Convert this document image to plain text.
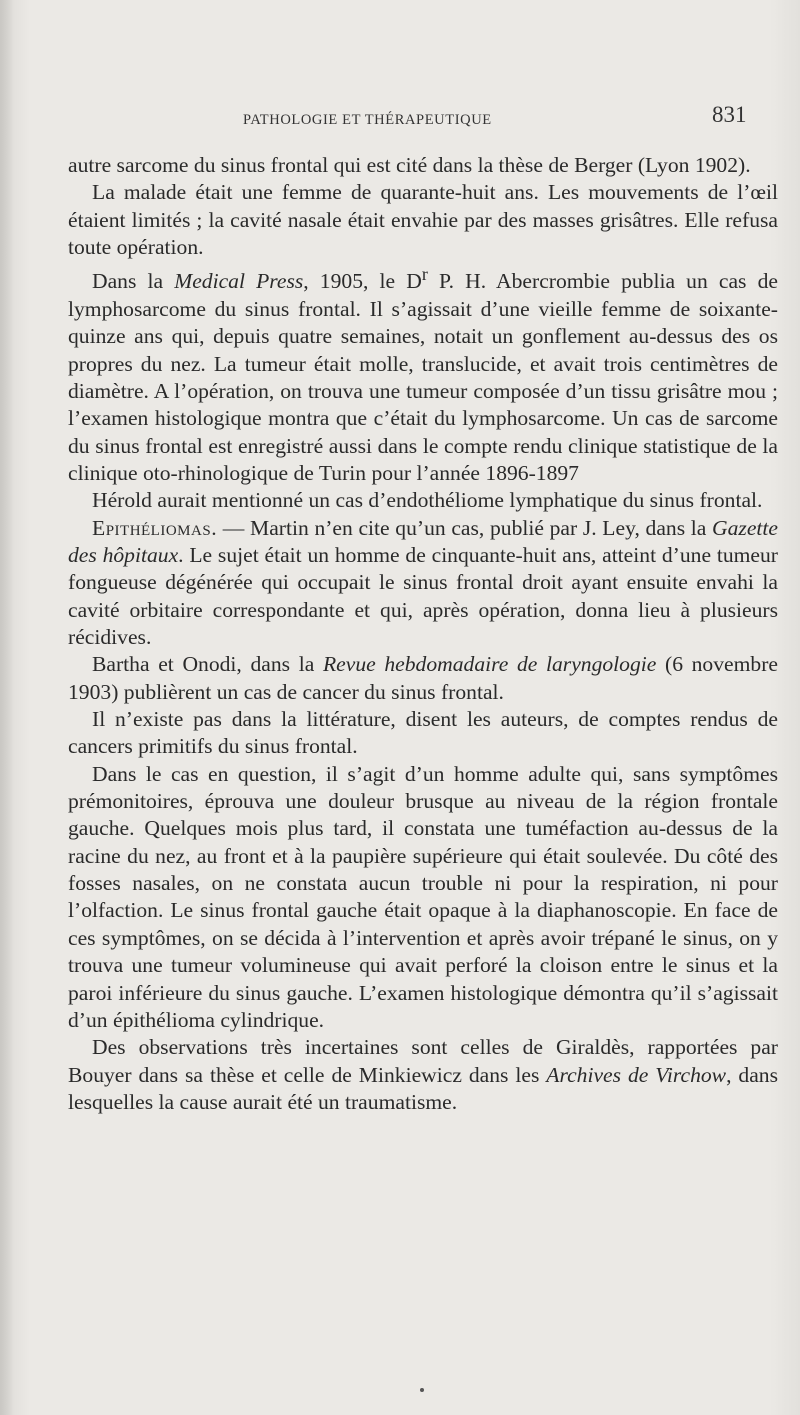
PATHOLOGIE ET THÉRAPEUTIQUE	831

autre sarcome du sinus frontal qui est cité dans la thèse de Berger (Lyon 1902).

La malade était une femme de quarante-huit ans. Les mouvements de l’œil étaient limités ; la cavité nasale était envahie par des masses grisâtres. Elle refusa toute opération.

Dans la Medical Press, 1905, le $D^r$ P. H. Abercrombie publia un cas de lymphosarcome du sinus frontal. Il s’agissait d’une vieille femme de soixante-quinze ans qui, depuis quatre semaines, notait un gonflement au-dessus des os propres du nez. La tumeur était molle, translucide, et avait trois centimètres de diamètre. A l’opération, on trouva une tumeur composée d’un tissu grisâtre mou ; l’examen histologique montra que c’était du lymphosarcome. Un cas de sarcome du sinus frontal est enregistré aussi dans le compte rendu clinique statistique de la clinique oto-rhinologique de Turin pour l’année 1896-1897

Hérold aurait mentionné un cas d’endothéliome lymphatique du sinus frontal.

Epithéliomas. — Martin n’en cite qu’un cas, publié par J. Ley, dans la Gazette des hôpitaux. Le sujet était un homme de cinquante-huit ans, atteint d’une tumeur fongueuse dégénérée qui occupait le sinus frontal droit ayant ensuite envahi la cavité orbitaire correspondante et qui, après opération, donna lieu à plusieurs récidives.

Bartha et Onodi, dans la Revue hebdomadaire de laryngologie (6 novembre 1903) publièrent un cas de cancer du sinus frontal.

Il n’existe pas dans la littérature, disent les auteurs, de comptes rendus de cancers primitifs du sinus frontal.

Dans le cas en question, il s’agit d’un homme adulte qui, sans symptômes prémonitoires, éprouva une douleur brusque au niveau de la région frontale gauche. Quelques mois plus tard, il constata une tuméfaction au-dessus de la racine du nez, au front et à la paupière supérieure qui était soulevée. Du côté des fosses nasales, on ne constata aucun trouble ni pour la respiration, ni pour l’olfaction. Le sinus frontal gauche était opaque à la diaphanoscopie. En face de ces symptômes, on se décida à l’intervention et après avoir trépané le sinus, on y trouva une tumeur volumineuse qui avait perforé la cloison entre le sinus et la paroi inférieure du sinus gauche. L’examen histologique démontra qu’il s’agissait d’un épithélioma cylindrique.

Des observations très incertaines sont celles de Giraldès, rapportées par Bouyer dans sa thèse et celle de Minkiewicz dans les Archives de Virchow, dans lesquelles la cause aurait été un traumatisme.
